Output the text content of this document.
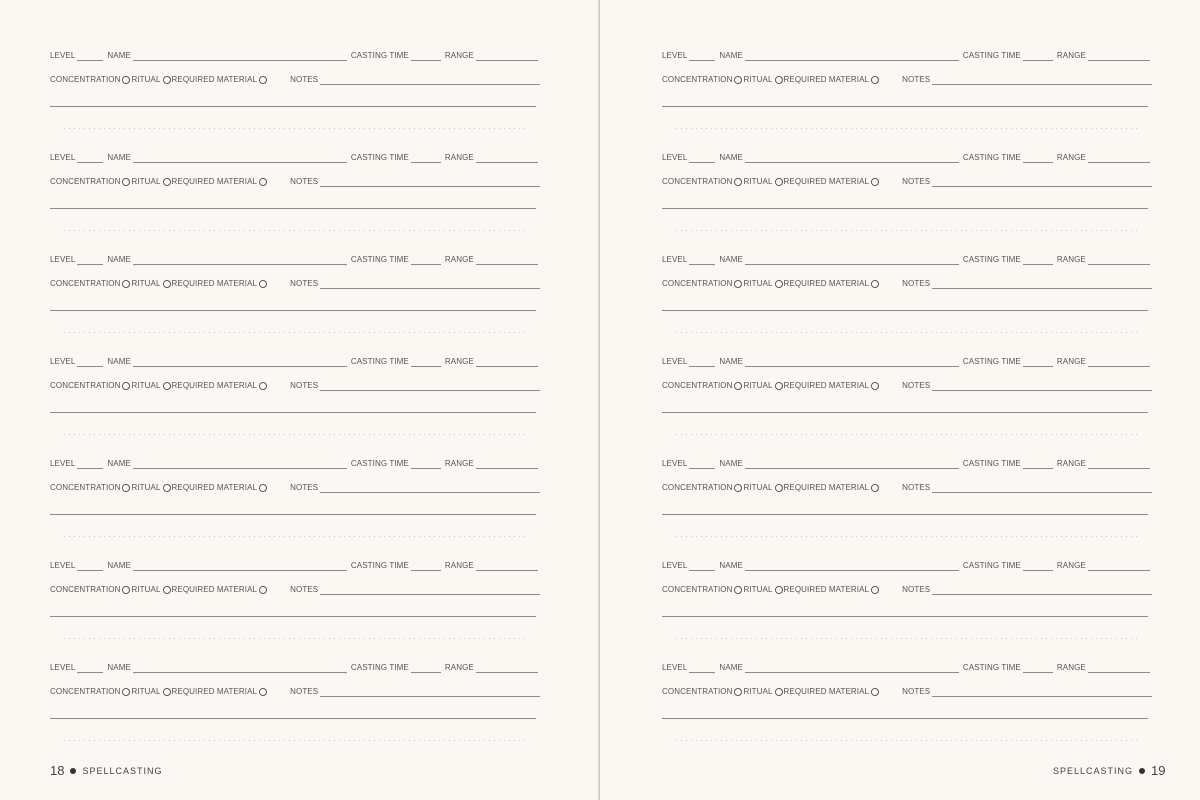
LEVEL	NAME	CASTING TIME	RANGE
CONCENTRATION RITUAL REQUIRED MATERIAL	NOTES
LEVEL	NAME	CASTING TIME	RANGE
CONCENTRATION RITUAL REQUIRED MATERIAL	NOTES
LEVEL	NAME	CASTING TIME	RANGE
CONCENTRATION RITUAL REQUIRED MATERIAL	NOTES
LEVEL	NAME	CASTING TIME	RANGE
CONCENTRATION RITUAL REQUIRED MATERIAL	NOTES
LEVEL	NAME	CASTING TIME	RANGE
CONCENTRATION RITUAL REQUIRED MATERIAL	NOTES
LEVEL	NAME	CASTING TIME	RANGE
CONCENTRATION RITUAL REQUIRED MATERIAL	NOTES
LEVEL	NAME	CASTING TIME	RANGE
CONCENTRATION RITUAL REQUIRED MATERIAL	NOTES
LEVEL	NAME	CASTING TIME	RANGE
CONCENTRATION RITUAL REQUIRED MATERIAL	NOTES
LEVEL	NAME	CASTING TIME	RANGE
CONCENTRATION RITUAL REQUIRED MATERIAL	NOTES
LEVEL	NAME	CASTING TIME	RANGE
CONCENTRATION RITUAL REQUIRED MATERIAL	NOTES
LEVEL	NAME	CASTING TIME	RANGE
CONCENTRATION RITUAL REQUIRED MATERIAL	NOTES
LEVEL	NAME	CASTING TIME	RANGE
CONCENTRATION RITUAL REQUIRED MATERIAL	NOTES
LEVEL	NAME	CASTING TIME	RANGE
CONCENTRATION RITUAL REQUIRED MATERIAL	NOTES
LEVEL	NAME	CASTING TIME	RANGE
CONCENTRATION RITUAL REQUIRED MATERIAL	NOTES
18 SPELLCASTING	SPELLCASTING 19
